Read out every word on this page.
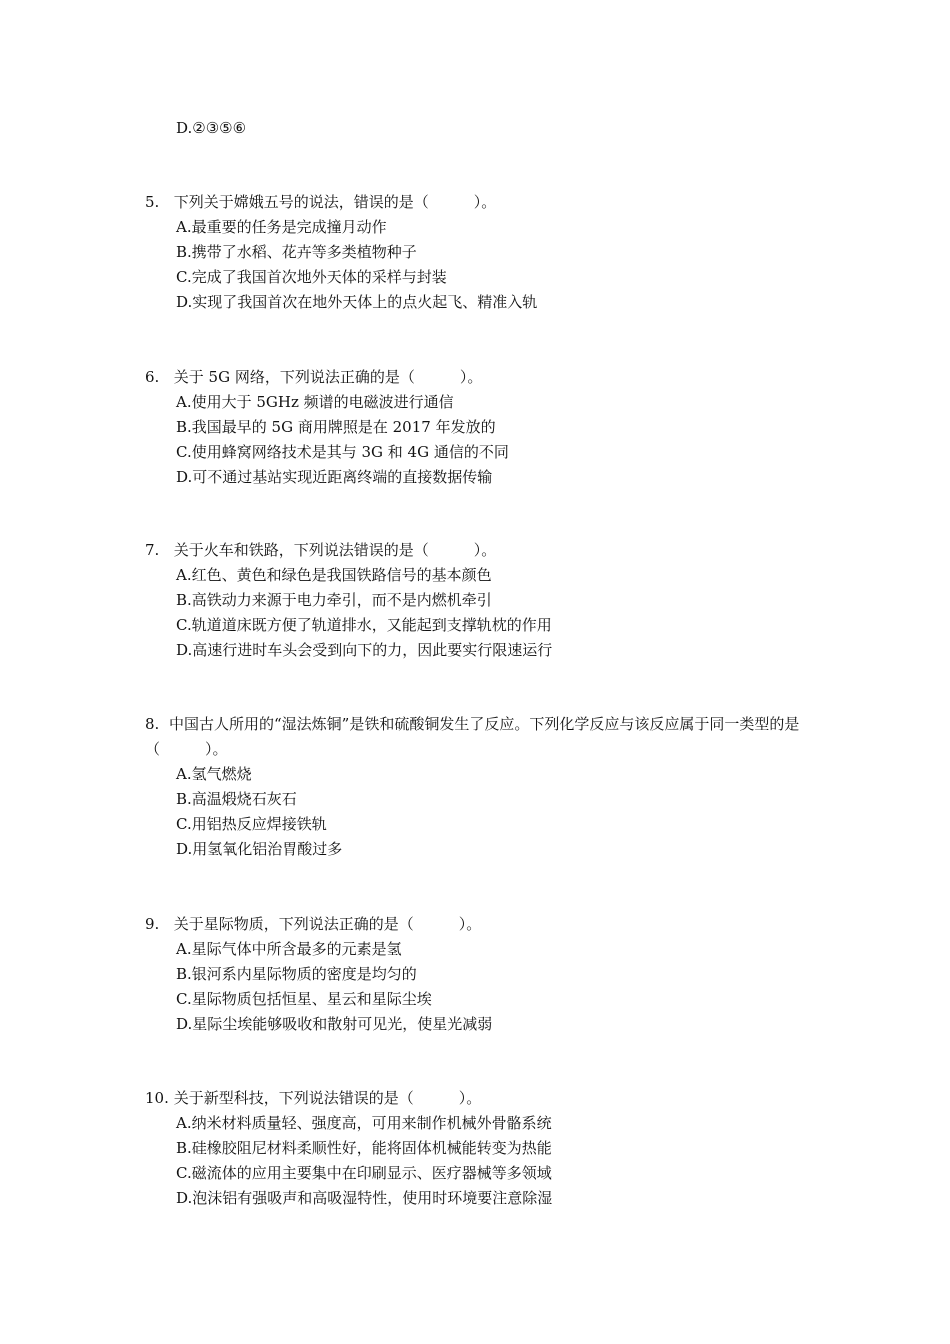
D.②③⑤⑥
5. 下列关于嫦娥五号的说法，错误的是（　　　）。
A.最重要的任务是完成撞月动作
B.携带了水稻、花卉等多类植物种子
C.完成了我国首次地外天体的采样与封装
D.实现了我国首次在地外天体上的点火起飞、精准入轨
6. 关于 5G 网络，下列说法正确的是（　　　）。
A.使用大于 5GHz 频谱的电磁波进行通信
B.我国最早的 5G 商用牌照是在 2017 年发放的
C.使用蜂窝网络技术是其与 3G 和 4G 通信的不同
D.可不通过基站实现近距离终端的直接数据传输
7. 关于火车和铁路，下列说法错误的是（　　　）。
A.红色、黄色和绿色是我国铁路信号的基本颜色
B.高铁动力来源于电力牵引，而不是内燃机牵引
C.轨道道床既方便了轨道排水，又能起到支撑轨枕的作用
D.高速行进时车头会受到向下的力，因此要实行限速运行
8. 中国古人所用的“湿法炼铜”是铁和硫酸铜发生了反应。下列化学反应与该反应属于同一类型的是（　　　）。
A.氢气燃烧
B.高温煅烧石灰石
C.用铝热反应焊接铁轨
D.用氢氧化铝治胃酸过多
9. 关于星际物质，下列说法正确的是（　　　）。
A.星际气体中所含最多的元素是氢
B.银河系内星际物质的密度是均匀的
C.星际物质包括恒星、星云和星际尘埃
D.星际尘埃能够吸收和散射可见光，使星光减弱
10. 关于新型科技，下列说法错误的是（　　　）。
A.纳米材料质量轻、强度高，可用来制作机械外骨骼系统
B.硅橡胶阻尼材料柔顺性好，能将固体机械能转变为热能
C.磁流体的应用主要集中在印刷显示、医疗器械等多领域
D.泡沫铝有强吸声和高吸湿特性，使用时环境要注意除湿
